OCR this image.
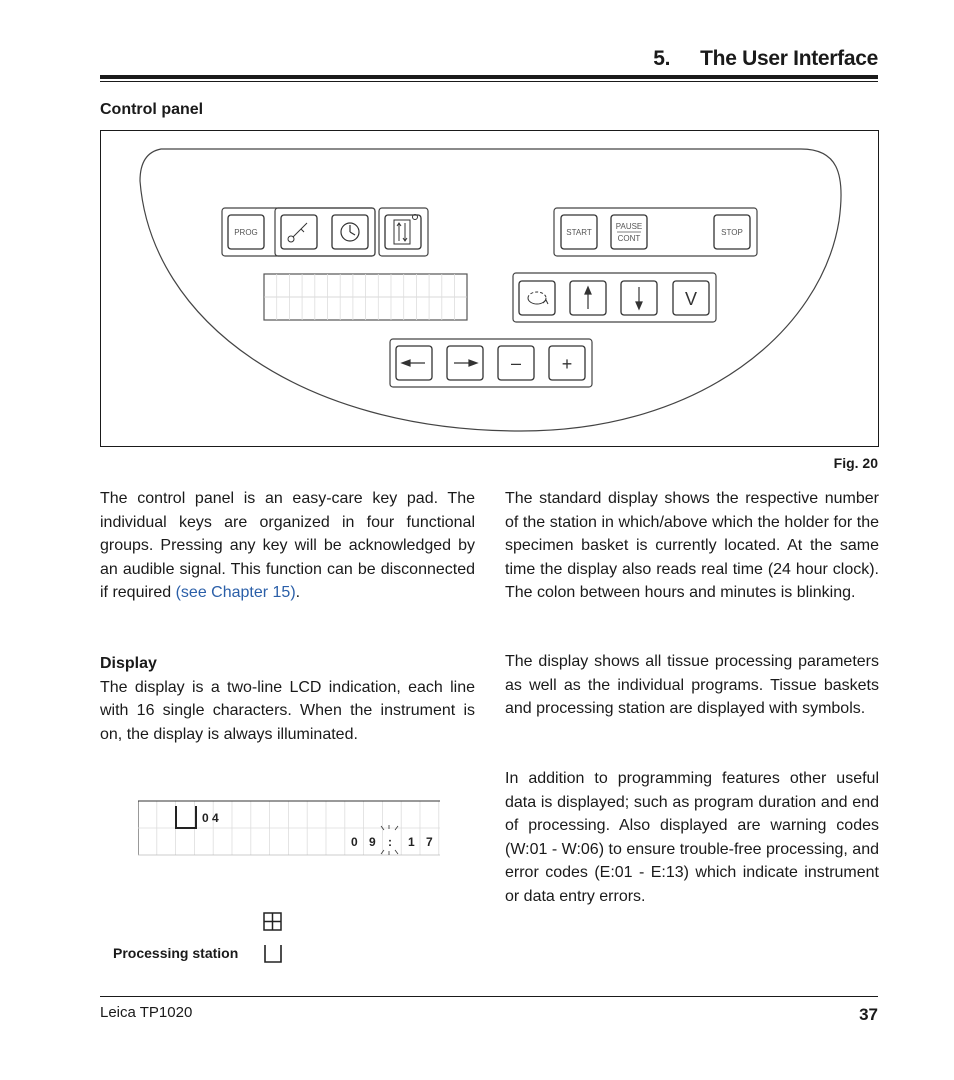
5. The User Interface
Control panel
PROG	START
PAUSE
CONT
STOP
V
– +
Fig. 20
The control panel is an easy-care key pad. The individual keys are organized in four functional groups. Pressing any key will be acknowledged by an audible signal. This function can be disconnected if required (see Chapter 15).
Display
The display is a two-line LCD indication, each line with 16 single characters. When the instrument is on, the display is always illuminated.
The standard display shows the respective number of the station in which/above which the holder for the specimen basket is currently located. At the same time the display also reads real time (24 hour clock). The colon between hours and minutes is blinking.
The display shows all tissue processing parameters as well as the individual programs. Tissue baskets and processing station are displayed with symbols.
In addition to programming features other useful data is displayed; such as program duration and end of processing. Also displayed are warning codes (W:01 - W:06) to ensure trouble-free processing, and error codes (E:01 - E:13) which indicate instrument or data entry errors.
0 4
0 9 : 1 7
Processing station
Leica TP1020	37
